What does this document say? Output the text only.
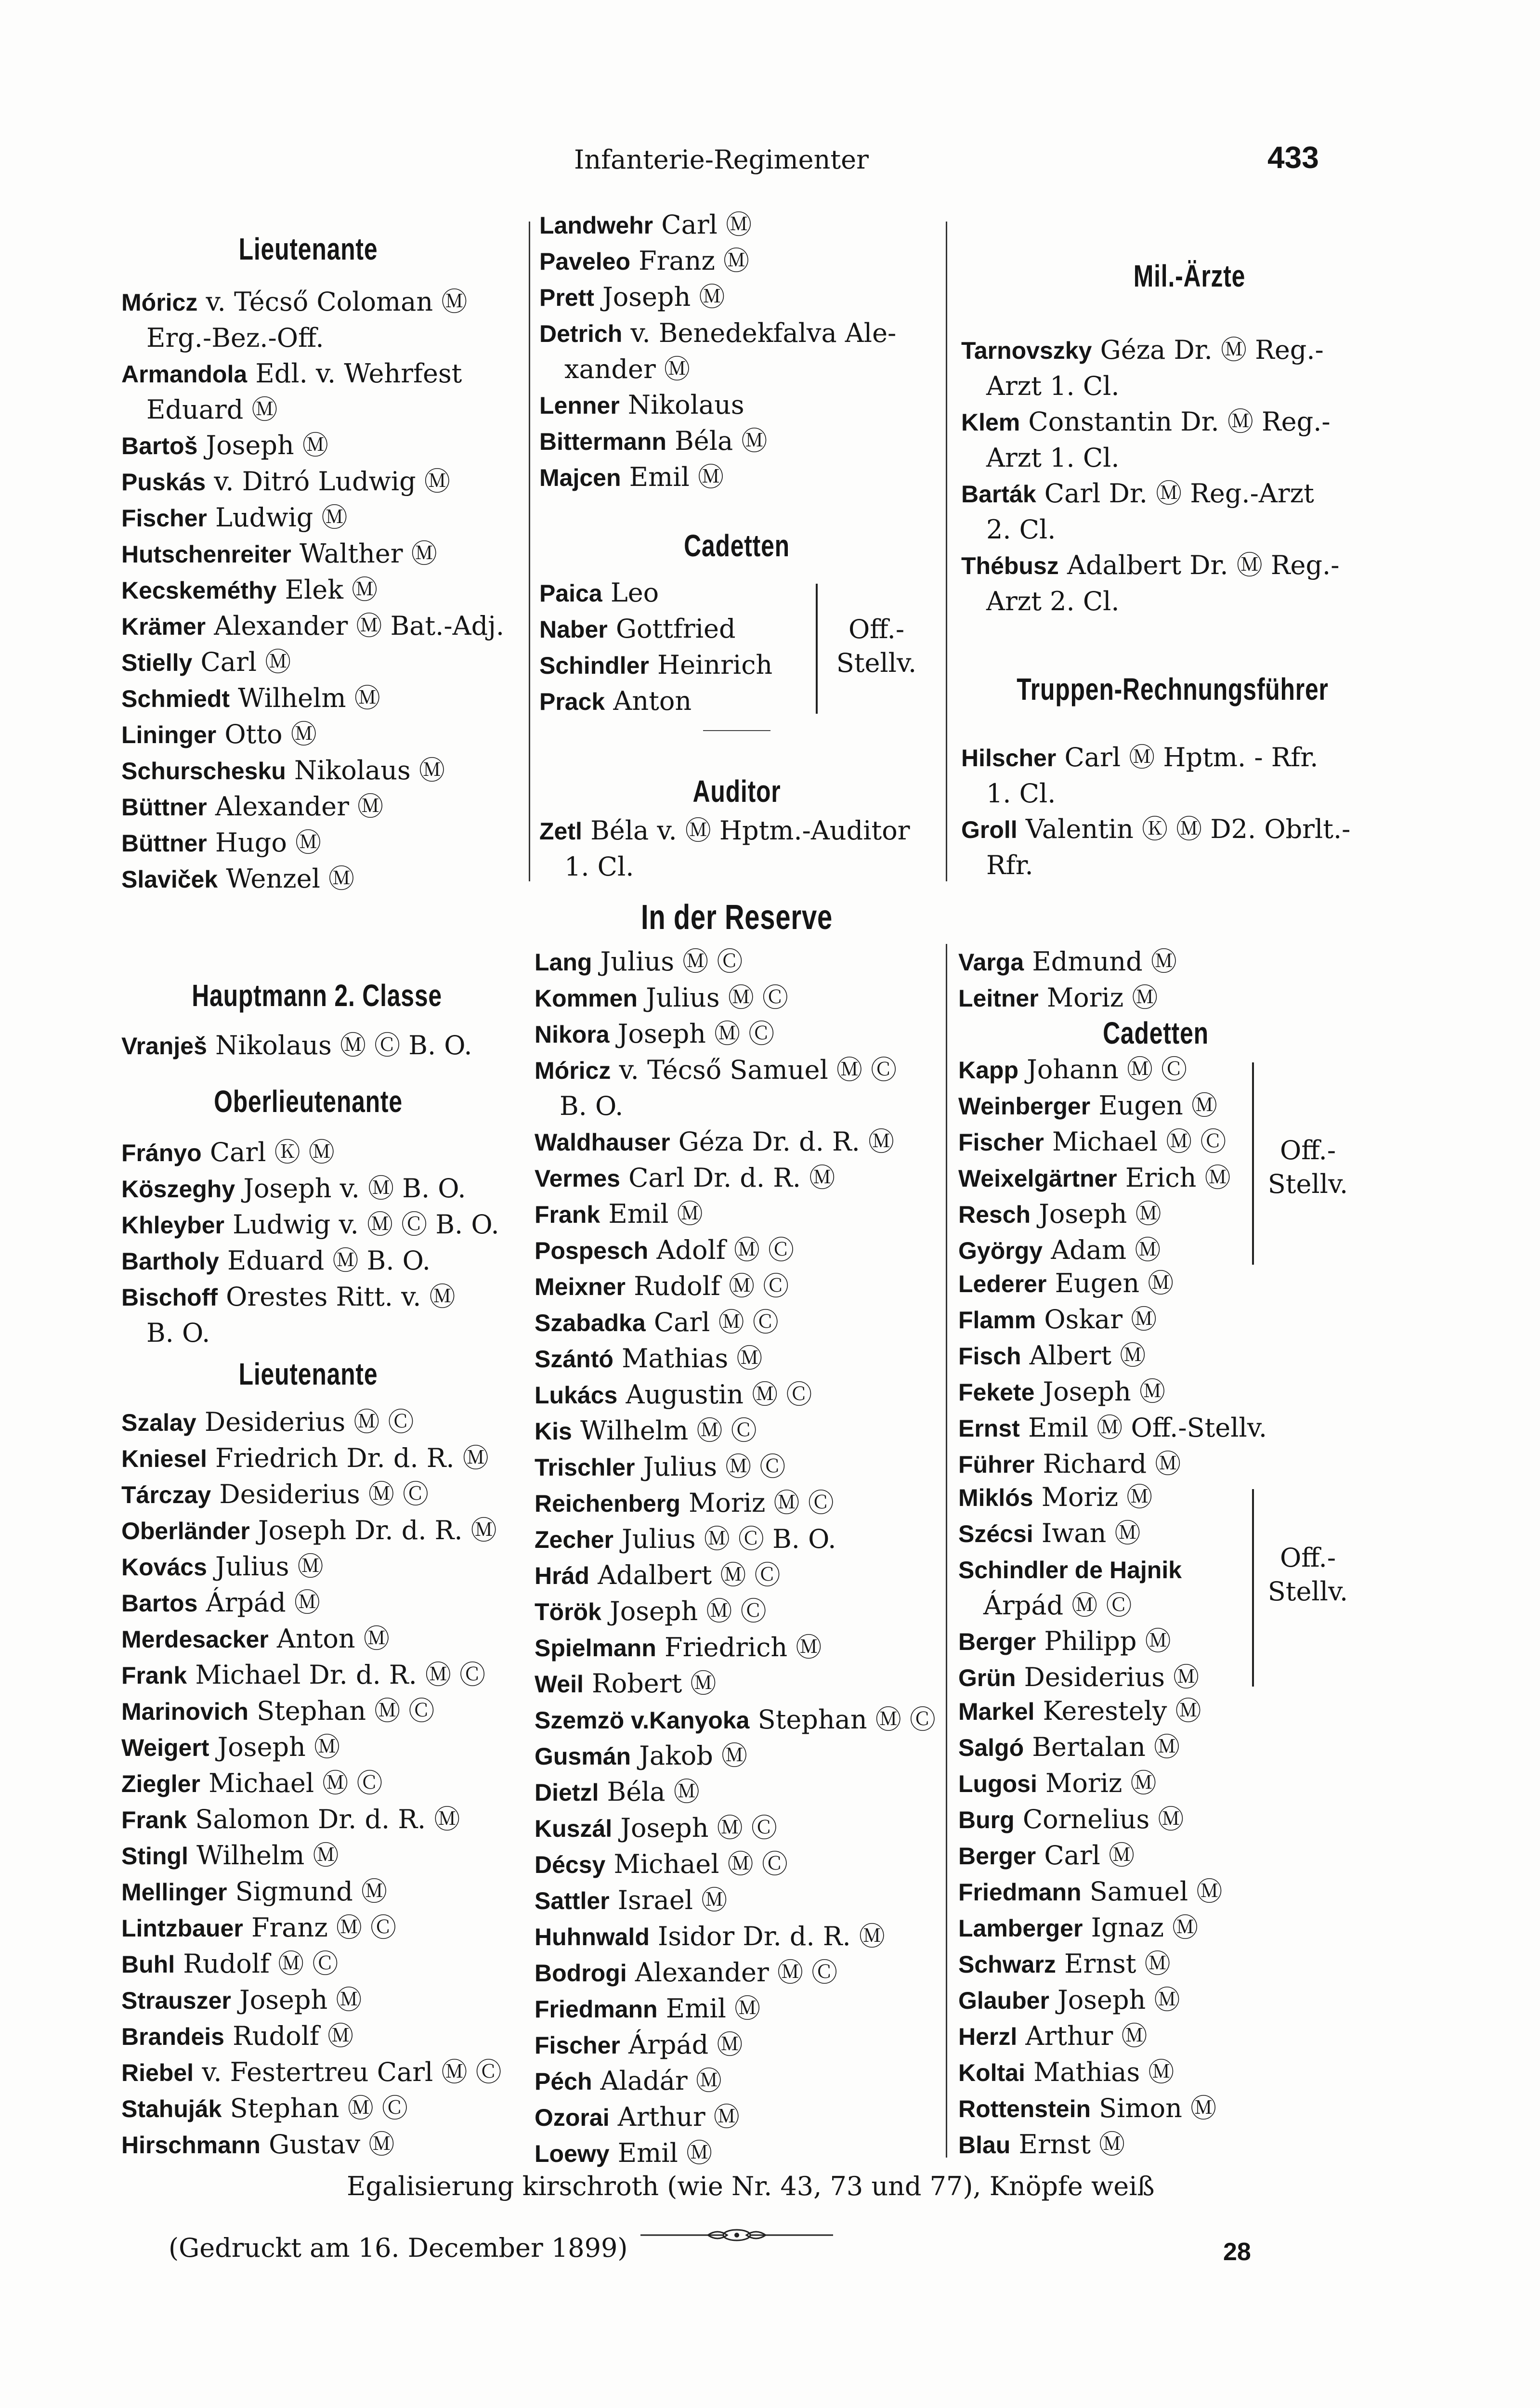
Infanterie-Regimenter	433
Lieutenante
Móricz v. Técső Coloman Ⓜ
Erg.-Bez.-Off.
Armandola Edl. v. Wehrfest
Eduard Ⓜ
Bartoš Joseph Ⓜ
Puskás v. Ditró Ludwig Ⓜ
Fischer Ludwig Ⓜ
Hutschenreiter Walther Ⓜ
Kecskeméthy Elek Ⓜ
Krämer Alexander Ⓜ Bat.-Adj.
Stielly Carl Ⓜ
Schmiedt Wilhelm Ⓜ
Lininger Otto Ⓜ
Schurschesku Nikolaus Ⓜ
Büttner Alexander Ⓜ
Büttner Hugo Ⓜ
Slaviček Wenzel Ⓜ
Hauptmann 2. Classe
Vranješ Nikolaus Ⓜ Ⓒ B. O.
Oberlieutenante
Frányo Carl Ⓚ Ⓜ
Köszeghy Joseph v. Ⓜ B. O.
Khleyber Ludwig v. Ⓜ Ⓒ B. O.
Bartholy Eduard Ⓜ B. O.
Bischoff Orestes Ritt. v. Ⓜ
B. O.
Lieutenante
Szalay Desiderius Ⓜ Ⓒ
Kniesel Friedrich Dr. d. R. Ⓜ
Tárczay Desiderius Ⓜ Ⓒ
Oberländer Joseph Dr. d. R. Ⓜ
Kovács Julius Ⓜ
Bartos Árpád Ⓜ
Merdesacker Anton Ⓜ
Frank Michael Dr. d. R. Ⓜ Ⓒ
Marinovich Stephan Ⓜ Ⓒ
Weigert Joseph Ⓜ
Ziegler Michael Ⓜ Ⓒ
Frank Salomon Dr. d. R. Ⓜ
Stingl Wilhelm Ⓜ
Mellinger Sigmund Ⓜ
Lintzbauer Franz Ⓜ Ⓒ
Buhl Rudolf Ⓜ Ⓒ
Strauszer Joseph Ⓜ
Brandeis Rudolf Ⓜ
Riebel v. Festertreu Carl Ⓜ Ⓒ
Stahuják Stephan Ⓜ Ⓒ
Hirschmann Gustav Ⓜ
Landwehr Carl Ⓜ
Paveleo Franz Ⓜ
Prett Joseph Ⓜ
Detrich v. Benedekfalva Ale-
xander Ⓜ
Lenner Nikolaus
Bittermann Béla Ⓜ
Majcen Emil Ⓜ
Cadetten
Paica Leo
Naber Gottfried
Schindler Heinrich
Prack Anton
Off.-
Stellv.
Auditor
Zetl Béla v. Ⓜ Hptm.-Auditor
1. Cl.
Mil.-Ärzte
Tarnovszky Géza Dr. Ⓜ Reg.-
Arzt 1. Cl.
Klem Constantin Dr. Ⓜ Reg.-
Arzt 1. Cl.
Barták Carl Dr. Ⓜ Reg.-Arzt
2. Cl.
Thébusz Adalbert Dr. Ⓜ Reg.-
Arzt 2. Cl.
Truppen-Rechnungsführer
Hilscher Carl Ⓜ Hptm. - Rfr.
1. Cl.
Groll Valentin Ⓚ Ⓜ D2. Obrlt.-
Rfr.
In der Reserve
Lang Julius Ⓜ Ⓒ
Kommen Julius Ⓜ Ⓒ
Nikora Joseph Ⓜ Ⓒ
Móricz v. Técső Samuel Ⓜ Ⓒ
B. O.
Waldhauser Géza Dr. d. R. Ⓜ
Vermes Carl Dr. d. R. Ⓜ
Frank Emil Ⓜ
Pospesch Adolf Ⓜ Ⓒ
Meixner Rudolf Ⓜ Ⓒ
Szabadka Carl Ⓜ Ⓒ
Szántó Mathias Ⓜ
Lukács Augustin Ⓜ Ⓒ
Kis Wilhelm Ⓜ Ⓒ
Trischler Julius Ⓜ Ⓒ
Reichenberg Moriz Ⓜ Ⓒ
Zecher Julius Ⓜ Ⓒ B. O.
Hrád Adalbert Ⓜ Ⓒ
Török Joseph Ⓜ Ⓒ
Spielmann Friedrich Ⓜ
Weil Robert Ⓜ
Szemzö v.Kanyoka Stephan Ⓜ Ⓒ
Gusmán Jakob Ⓜ
Dietzl Béla Ⓜ
Kuszál Joseph Ⓜ Ⓒ
Décsy Michael Ⓜ Ⓒ
Sattler Israel Ⓜ
Huhnwald Isidor Dr. d. R. Ⓜ
Bodrogi Alexander Ⓜ Ⓒ
Friedmann Emil Ⓜ
Fischer Árpád Ⓜ
Péch Aladár Ⓜ
Ozorai Arthur Ⓜ
Loewy Emil Ⓜ
Varga Edmund Ⓜ
Leitner Moriz Ⓜ
Cadetten
Kapp Johann Ⓜ Ⓒ
Weinberger Eugen Ⓜ
Fischer Michael Ⓜ Ⓒ
Weixelgärtner Erich Ⓜ
Resch Joseph Ⓜ
György Adam Ⓜ
Off.-
Stellv.
Lederer Eugen Ⓜ
Flamm Oskar Ⓜ
Fisch Albert Ⓜ
Fekete Joseph Ⓜ
Ernst Emil Ⓜ Off.-Stellv.
Führer Richard Ⓜ
Miklós Moriz Ⓜ
Szécsi Iwan Ⓜ
Schindler de Hajnik
Árpád Ⓜ Ⓒ
Berger Philipp Ⓜ
Grün Desiderius Ⓜ
Off.-
Stellv.
Markel Kerestely Ⓜ
Salgó Bertalan Ⓜ
Lugosi Moriz Ⓜ
Burg Cornelius Ⓜ
Berger Carl Ⓜ
Friedmann Samuel Ⓜ
Lamberger Ignaz Ⓜ
Schwarz Ernst Ⓜ
Glauber Joseph Ⓜ
Herzl Arthur Ⓜ
Koltai Mathias Ⓜ
Rottenstein Simon Ⓜ
Blau Ernst Ⓜ
Egalisierung kirschroth (wie Nr. 43, 73 und 77), Knöpfe weiß
(Gedruckt am 16. December 1899)	28
